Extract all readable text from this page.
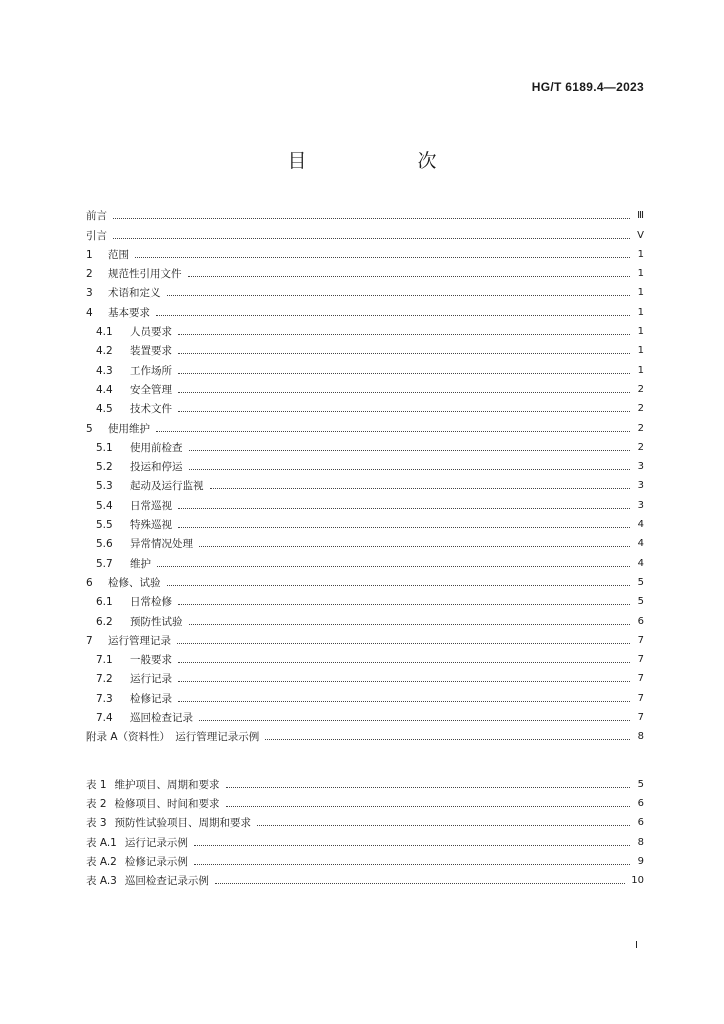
HG/T 6189.4—2023
目　次
前言	Ⅲ
引言	Ⅴ
1	范围	1
2	规范性引用文件	1
3	术语和定义	1
4	基本要求	1
4.1	人员要求	1
4.2	装置要求	1
4.3	工作场所	1
4.4	安全管理	2
4.5	技术文件	2
5	使用维护	2
5.1	使用前检查	2
5.2	投运和停运	3
5.3	起动及运行监视	3
5.4	日常巡视	3
5.5	特殊巡视	4
5.6	异常情况处理	4
5.7	维护	4
6	检修、试验	5
6.1	日常检修	5
6.2	预防性试验	6
7	运行管理记录	7
7.1	一般要求	7
7.2	运行记录	7
7.3	检修记录	7
7.4	巡回检查记录	7
附录 A（资料性）　运行管理记录示例	8
表 1 维护项目、周期和要求	5
表 2 检修项目、时间和要求	6
表 3 预防性试验项目、周期和要求	6
表 A.1 运行记录示例	8
表 A.2 检修记录示例	9
表 A.3 巡回检查记录示例	10
I
